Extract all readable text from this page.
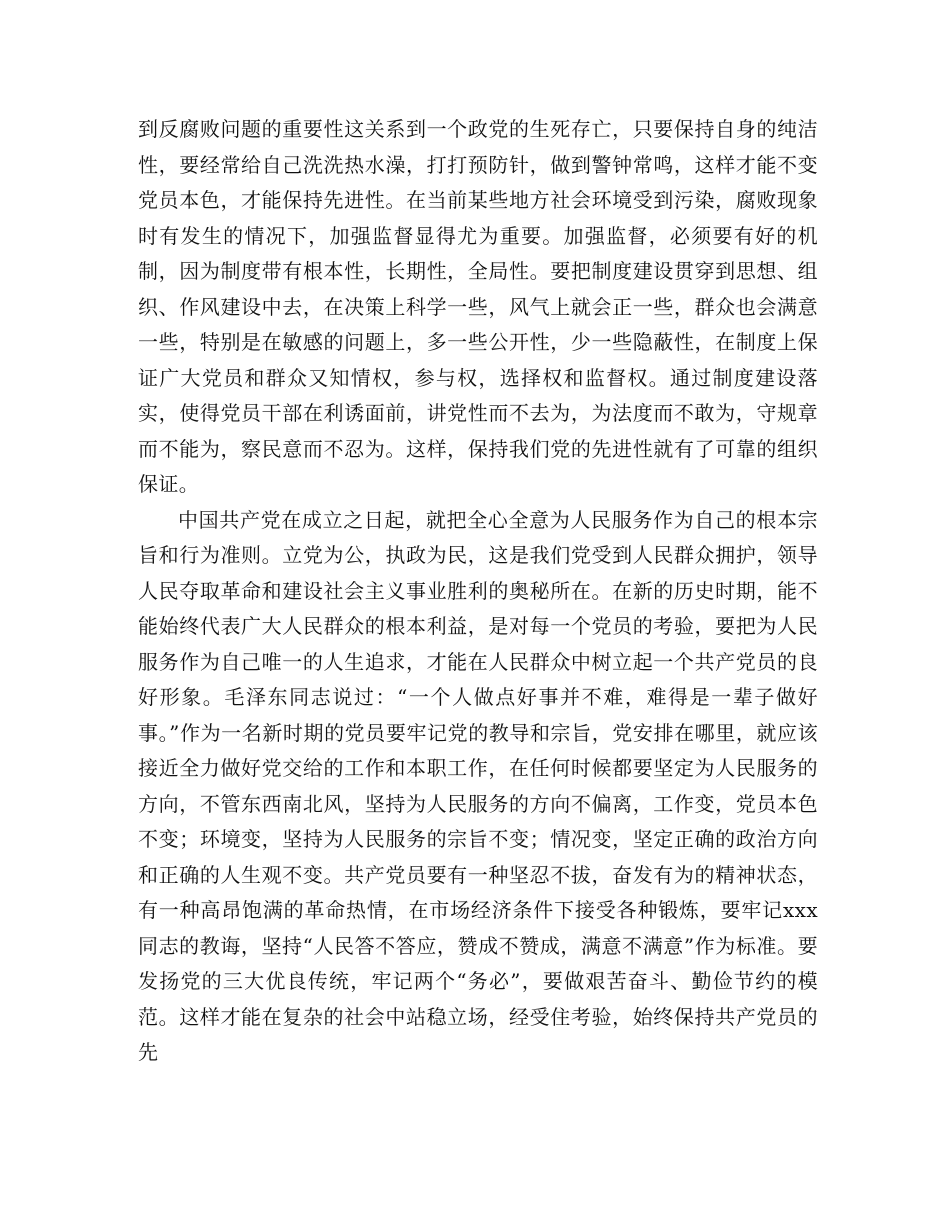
到反腐败问题的重要性这关系到一个政党的生死存亡，只要保持自身的纯洁性，要经常给自己洗洗热水澡，打打预防针，做到警钟常鸣，这样才能不变党员本色，才能保持先进性。在当前某些地方社会环境受到污染，腐败现象时有发生的情况下，加强监督显得尤为重要。加强监督，必须要有好的机制，因为制度带有根本性，长期性，全局性。要把制度建设贯穿到思想、组织、作风建设中去，在决策上科学一些，风气上就会正一些，群众也会满意一些，特别是在敏感的问题上，多一些公开性，少一些隐蔽性，在制度上保证广大党员和群众又知情权，参与权，选择权和监督权。通过制度建设落实，使得党员干部在利诱面前，讲党性而不去为，为法度而不敢为，守规章而不能为，察民意而不忍为。这样，保持我们党的先进性就有了可靠的组织保证。

中国共产党在成立之日起，就把全心全意为人民服务作为自己的根本宗旨和行为准则。立党为公，执政为民，这是我们党受到人民群众拥护，领导人民夺取革命和建设社会主义事业胜利的奥秘所在。在新的历史时期，能不能始终代表广大人民群众的根本利益，是对每一个党员的考验，要把为人民服务作为自己唯一的人生追求，才能在人民群众中树立起一个共产党员的良好形象。毛泽东同志说过：“一个人做点好事并不难，难得是一辈子做好事。”作为一名新时期的党员要牢记党的教导和宗旨，党安排在哪里，就应该接近全力做好党交给的工作和本职工作，在任何时候都要坚定为人民服务的方向，不管东西南北风，坚持为人民服务的方向不偏离，工作变，党员本色不变；环境变，坚持为人民服务的宗旨不变；情况变，坚定正确的政治方向和正确的人生观不变。共产党员要有一种坚忍不拔，奋发有为的精神状态，有一种高昂饱满的革命热情，在市场经济条件下接受各种锻炼，要牢记xxx同志的教诲，坚持“人民答不答应，赞成不赞成，满意不满意”作为标准。要发扬党的三大优良传统，牢记两个“务必”，要做艰苦奋斗、勤俭节约的模范。这样才能在复杂的社会中站稳立场，经受住考验，始终保持共产党员的先
